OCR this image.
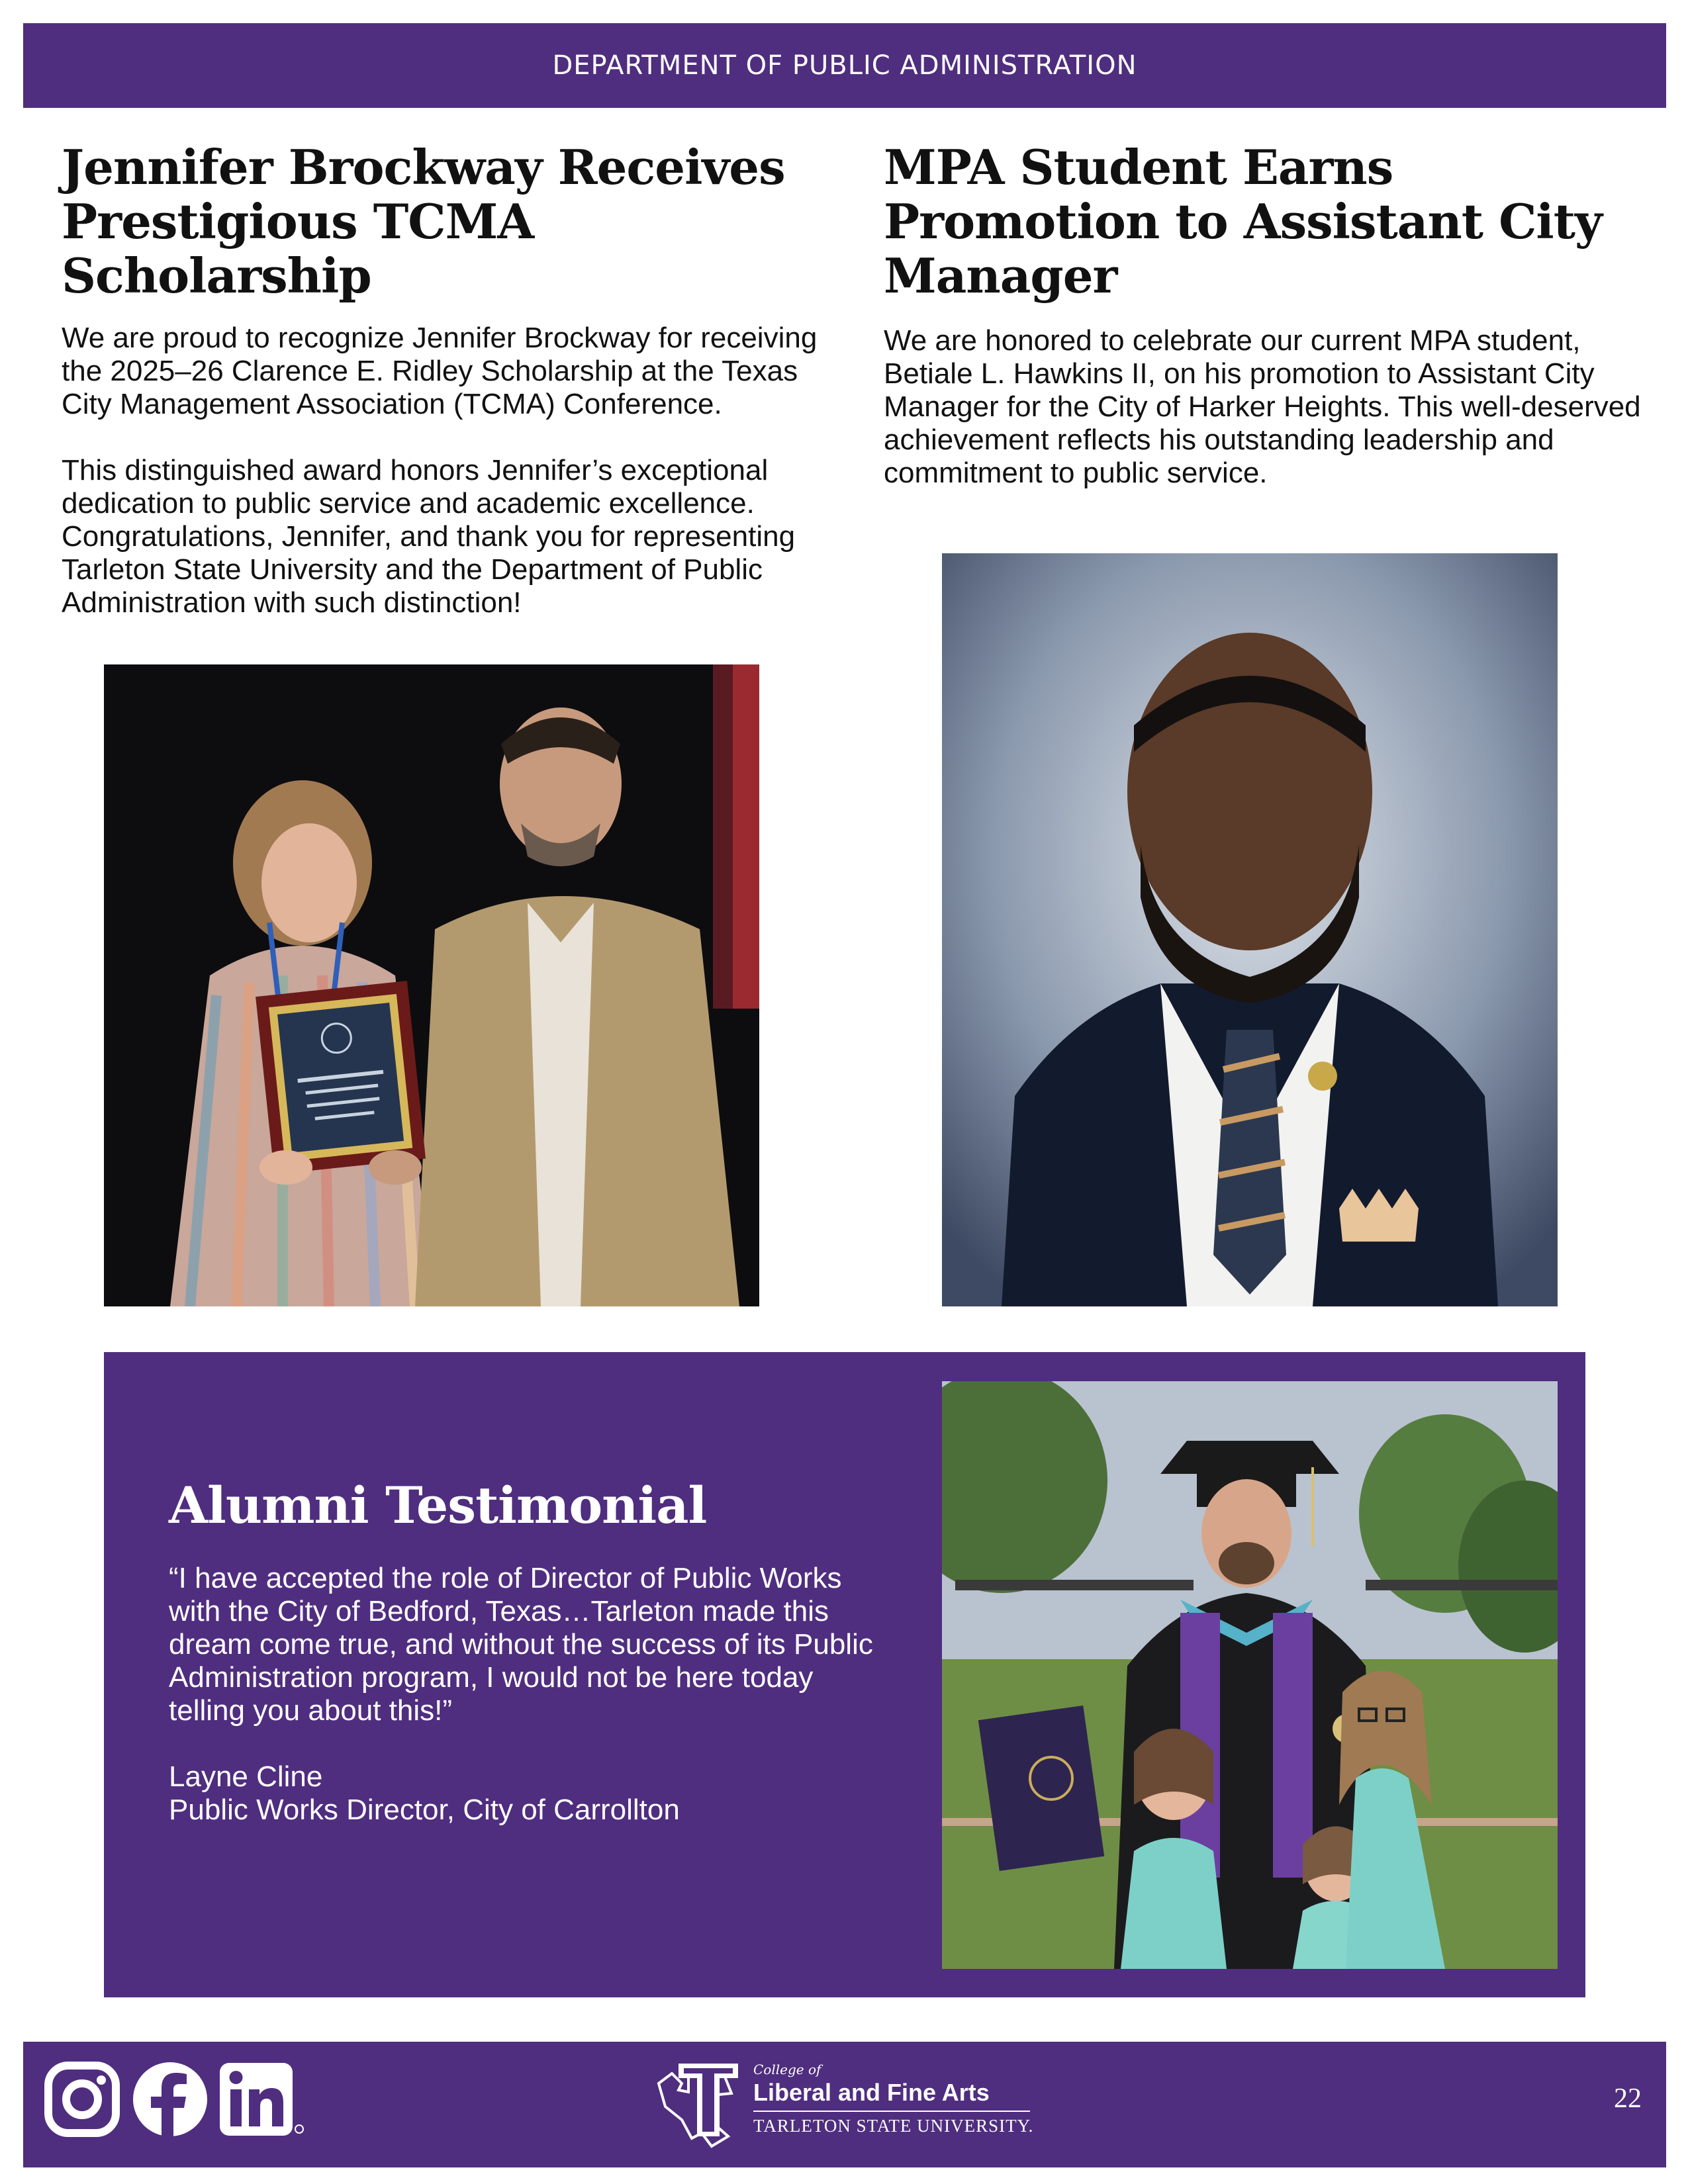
DEPARTMENT OF PUBLIC ADMINISTRATION
Jennifer Brockway Receives Prestigious TCMA Scholarship

We are proud to recognize Jennifer Brockway for receiving the 2025–26 Clarence E. Ridley Scholarship at the Texas City Management Association (TCMA) Conference.

This distinguished award honors Jennifer’s exceptional dedication to public service and academic excellence. Congratulations, Jennifer, and thank you for representing Tarleton State University and the Department of Public Administration with such distinction!

MPA Student Earns Promotion to Assistant City Manager

We are honored to celebrate our current MPA student, Betiale L. Hawkins II, on his promotion to Assistant City Manager for the City of Harker Heights. This well-deserved achievement reflects his outstanding leadership and commitment to public service.

Alumni Testimonial

“I have accepted the role of Director of Public Works with the City of Bedford, Texas…Tarleton made this dream come true, and without the success of its Public Administration program, I would not be here today telling you about this!”

Layne Cline

Public Works Director, City of Carrollton

College of
Liberal and Fine Arts
TARLETON STATE UNIVERSITY.
22
